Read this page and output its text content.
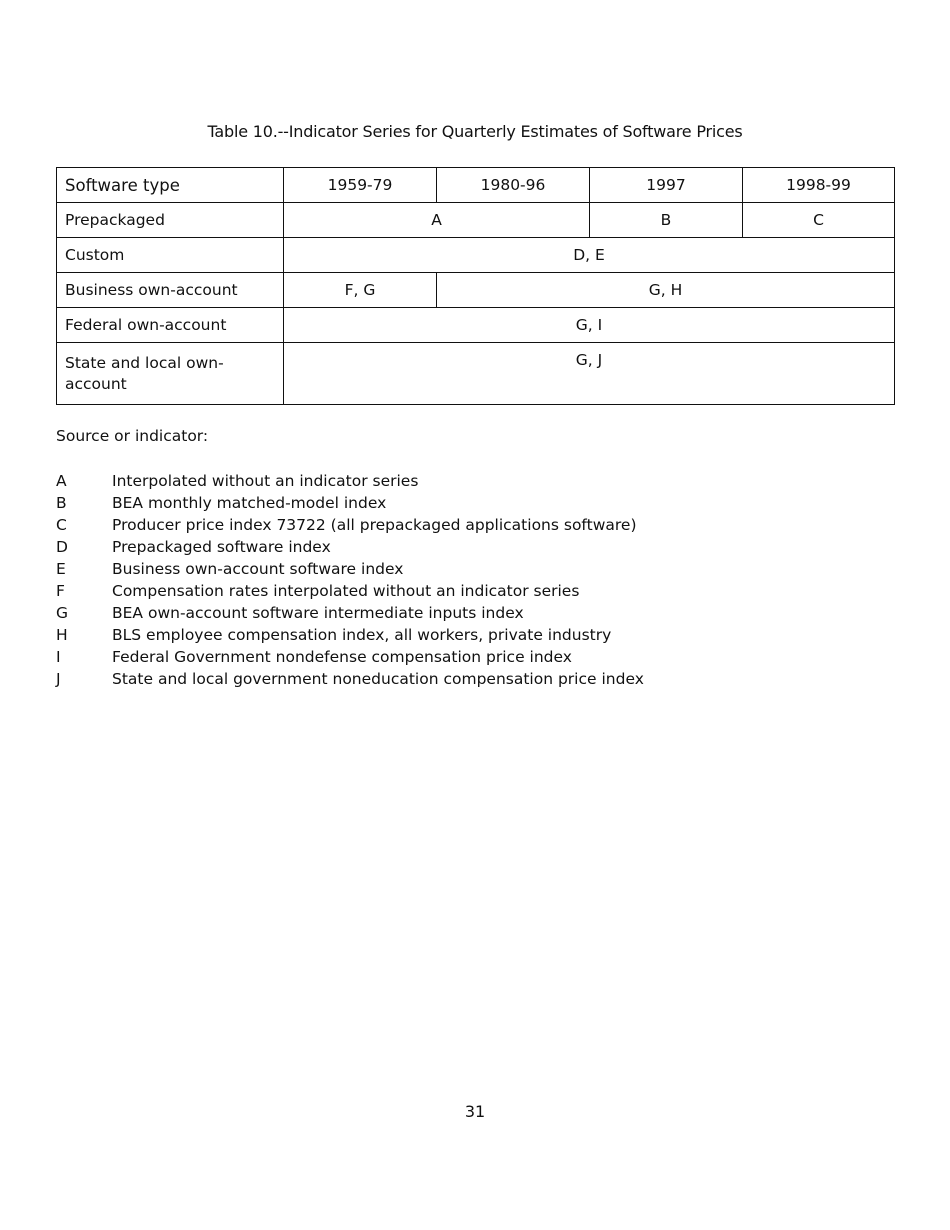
Table 10.--Indicator Series for Quarterly Estimates of Software Prices
Software type	1959-79	1980-96	1997	1998-99
Prepackaged	A		B	C
Custom	D, E			
Business own-account	F, G	G, H		
Federal own-account	G, I			
State and local own-account	G, J			
Source or indicator:
A	Interpolated without an indicator series
B	BEA monthly matched-model index
C	Producer price index 73722 (all prepackaged applications software)
D	Prepackaged software index
E	Business own-account software index
F	Compensation rates interpolated without an indicator series
G	BEA own-account software intermediate inputs index
H	BLS employee compensation index, all workers, private industry
I	Federal Government nondefense compensation price index
J	State and local government noneducation compensation price index
31
